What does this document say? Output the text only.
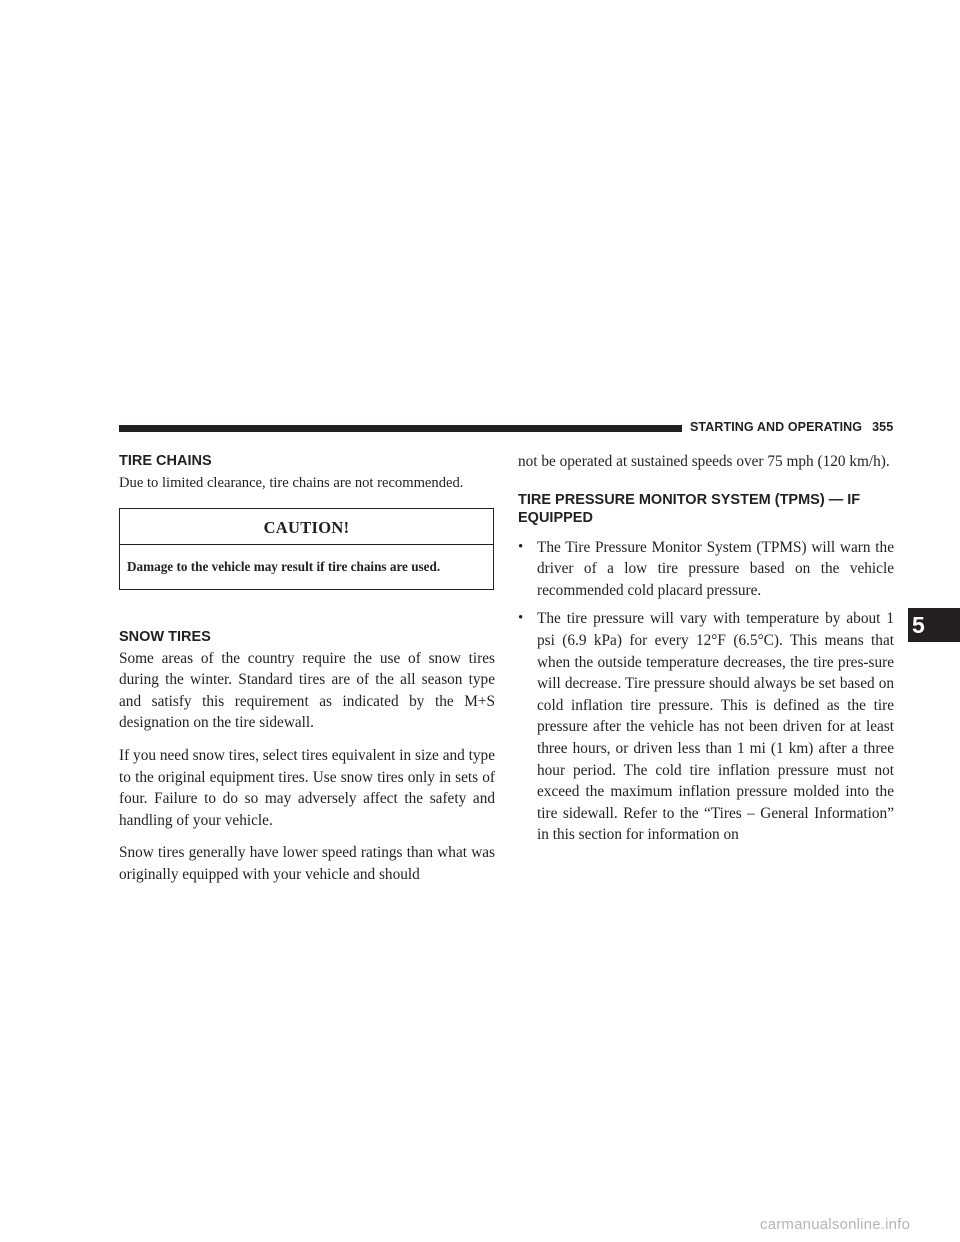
STARTING AND OPERATING 355
TIRE CHAINS

Due to limited clearance, tire chains are not recommended.

CAUTION!
Damage to the vehicle may result if tire chains are used.
SNOW TIRES

Some areas of the country require the use of snow tires during the winter. Standard tires are of the all season type and satisfy this requirement as indicated by the M+S designation on the tire sidewall.

If you need snow tires, select tires equivalent in size and type to the original equipment tires. Use snow tires only in sets of four. Failure to do so may adversely affect the safety and handling of your vehicle.

Snow tires generally have lower speed ratings than what was originally equipped with your vehicle and should

not be operated at sustained speeds over 75 mph (120 km/h).

TIRE PRESSURE MONITOR SYSTEM (TPMS) — IF EQUIPPED
• The Tire Pressure Monitor System (TPMS) will warn the driver of a low tire pressure based on the vehicle recommended cold placard pressure.

• The tire pressure will vary with temperature by about 1 psi (6.9 kPa) for every 12°F (6.5°C). This means that when the outside temperature decreases, the tire pres-sure will decrease. Tire pressure should always be set based on cold inflation tire pressure. This is defined as the tire pressure after the vehicle has not been driven for at least three hours, or driven less than 1 mi (1 km) after a three hour period. The cold tire inflation pressure must not exceed the maximum inflation pressure molded into the tire sidewall. Refer to the “Tires – General Information” in this section for information on

5
carmanualsonline.info
